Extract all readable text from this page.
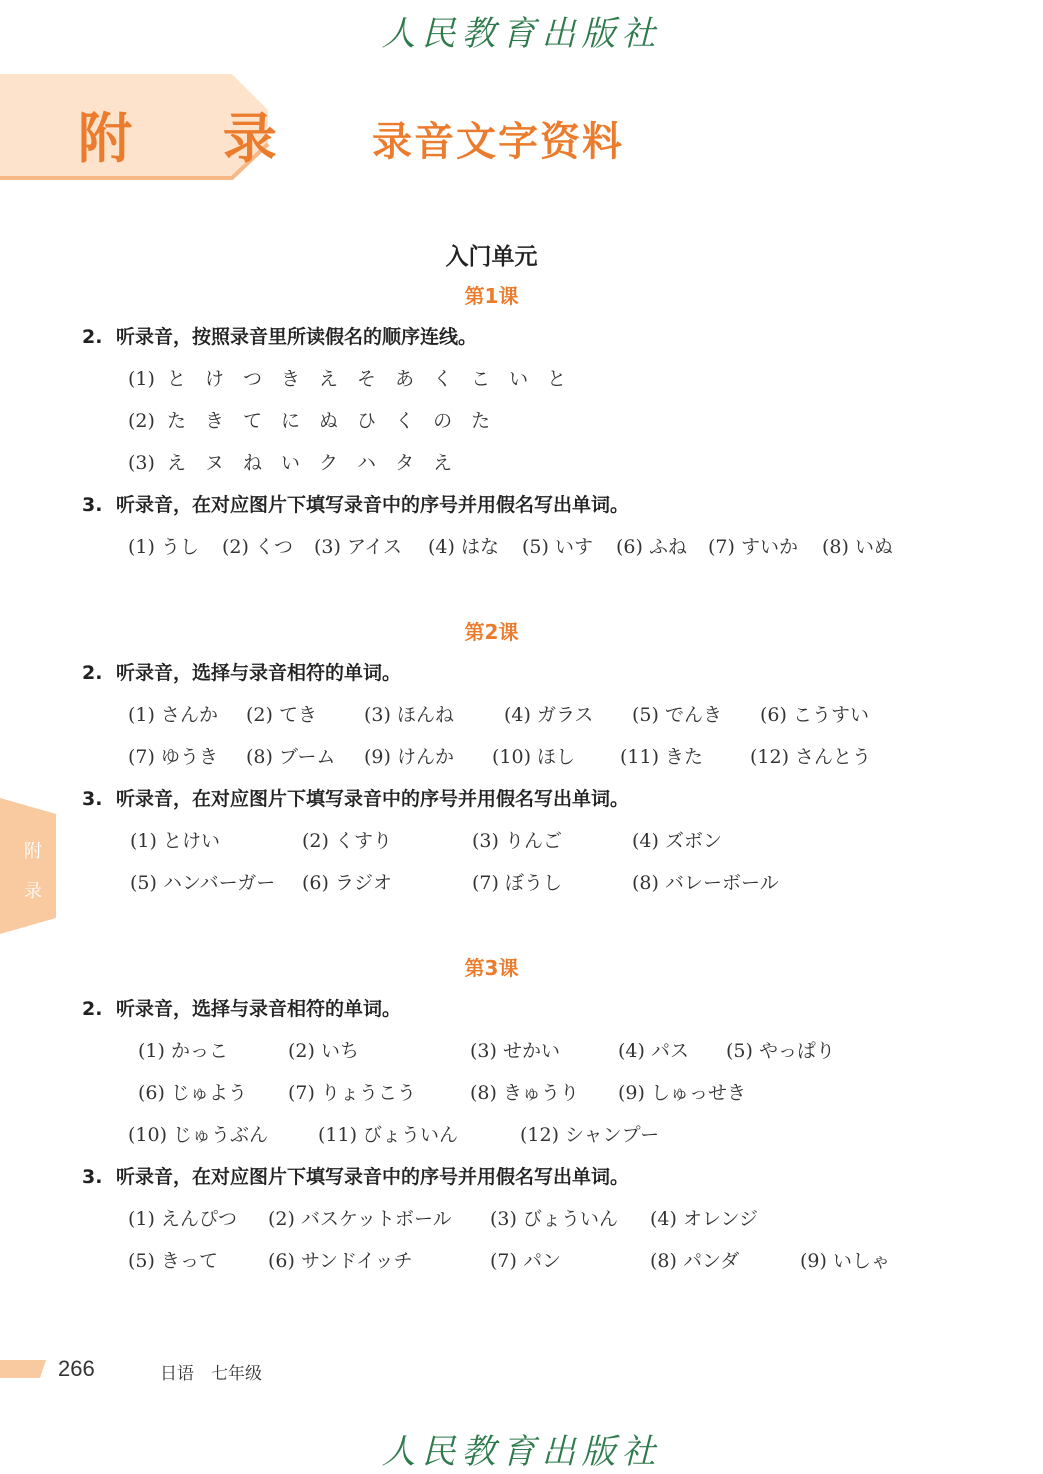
人民教育出版社
附 录 录音文字资料
入门单元
第1课
2. 听录音，按照录音里所读假名的顺序连线。
(1) と け つ き え そ あ く こ い と
(2) た き て に ぬ ひ く の た
(3) え ヌ ね い ク ハ タ え
3. 听录音，在对应图片下填写录音中的序号并用假名写出单词。
(1) うし (2) くつ (3) アイス (4) はな (5) いす (6) ふね (7) すいか (8) いぬ
第2课
2. 听录音，选择与录音相符的单词。
(1) さんか (2) てき (3) ほんね	(4) ガラス (5) でんき (6) こうすい
(7) ゆうき (8) ブーム (9) けんか (10) ほし (11) きた (12) さんとう
3. 听录音，在对应图片下填写录音中的序号并用假名写出单词。
(1) とけい	(2) くすり	(3) りんご	(4) ズボン
(5) ハンバーガー (6) ラジオ	(7) ぼうし	(8) バレーボール
第3课
2. 听录音，选择与录音相符的单词。
(1) かっこ	(2) いち	(3) せかい	(4) パス (5) やっぱり
(6) じゅよう (7) りょうこう	(8) きゅうり (9) しゅっせき
(10) じゅうぶん	(11) びょういん	(12) シャンプー
3. 听录音，在对应图片下填写录音中的序号并用假名写出单词。
(1) えんぴつ (2) バスケットボール (3) びょういん (4) オレンジ
(5) きって	(6) サンドイッチ	(7) パン	(8) パンダ	(9) いしゃ
附
录
266	日语　七年级
人民教育出版社
